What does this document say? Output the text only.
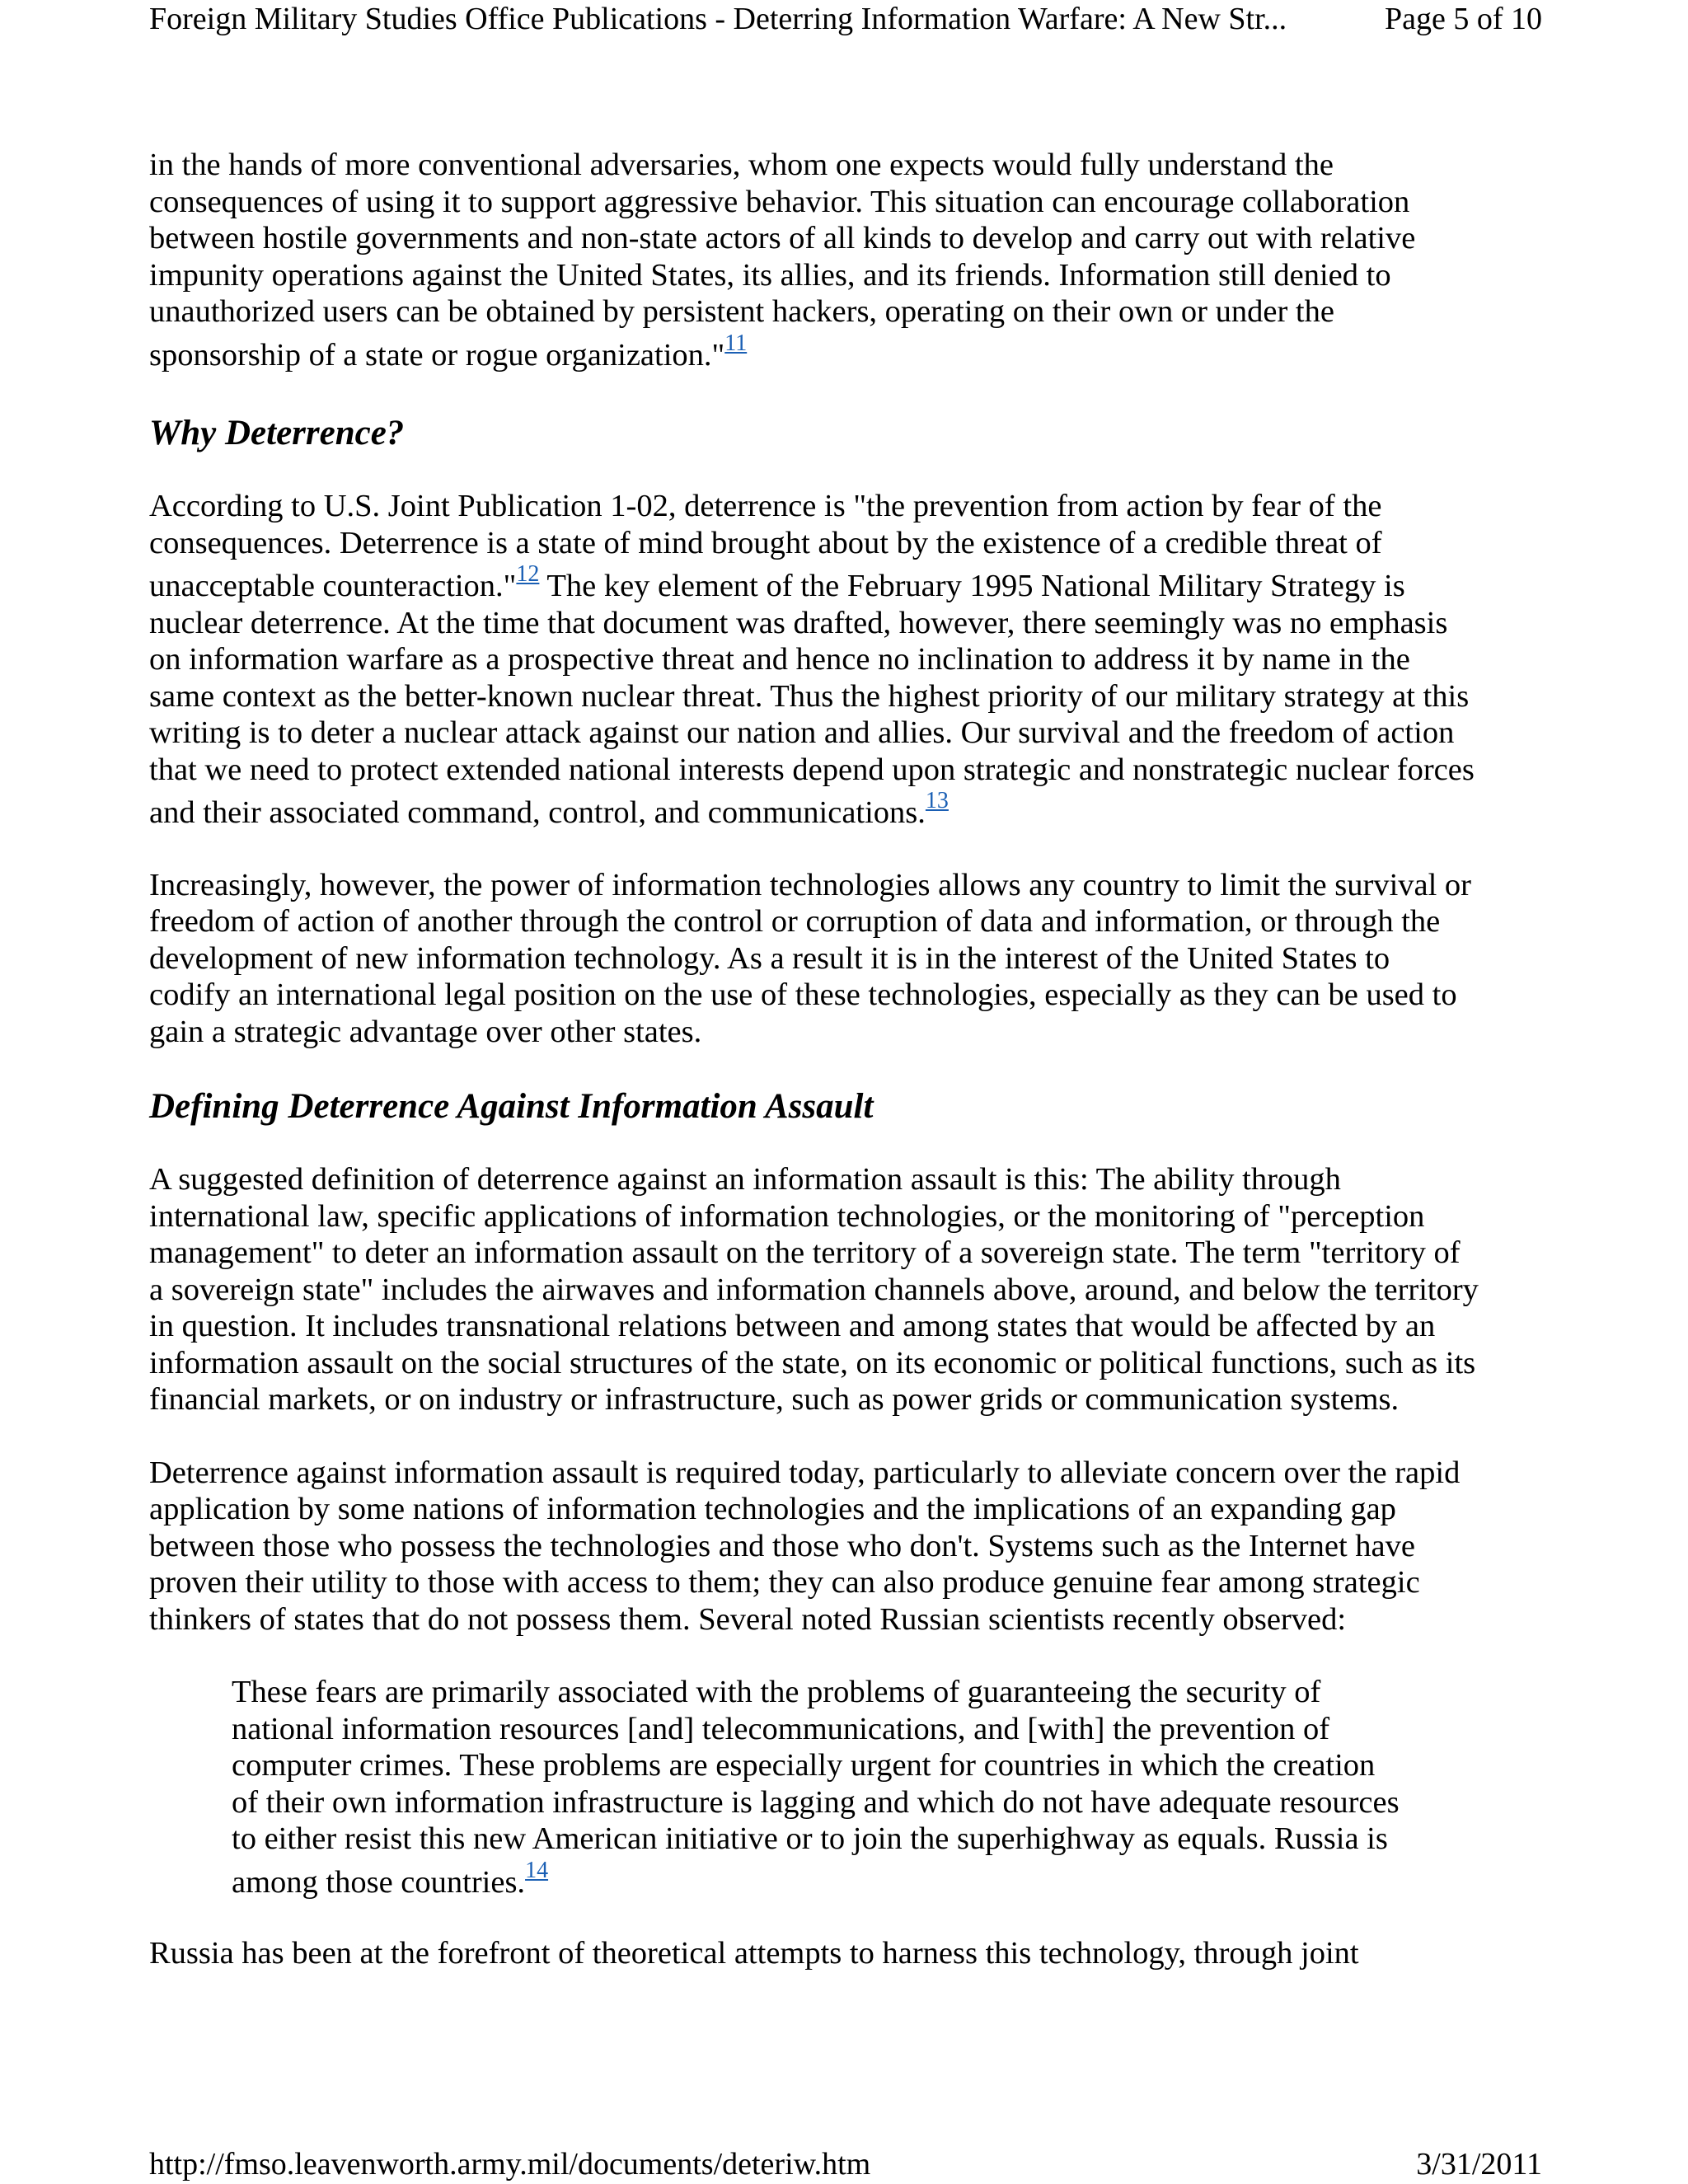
Foreign Military Studies Office Publications - Deterring Information Warfare: A New Str...	Page 5 of 10

in the hands of more conventional adversaries, whom one expects would fully understand the
consequences of using it to support aggressive behavior. This situation can encourage collaboration
between hostile governments and non-state actors of all kinds to develop and carry out with relative
impunity operations against the United States, its allies, and its friends. Information still denied to
unauthorized users can be obtained by persistent hackers, operating on their own or under the
sponsorship of a state or rogue organization."$^{11}$

Why Deterrence?

According to U.S. Joint Publication 1-02, deterrence is "the prevention from action by fear of the
consequences. Deterrence is a state of mind brought about by the existence of a credible threat of
unacceptable counteraction."$^{12}$ The key element of the February 1995 National Military Strategy is
nuclear deterrence. At the time that document was drafted, however, there seemingly was no emphasis
on information warfare as a prospective threat and hence no inclination to address it by name in the
same context as the better-known nuclear threat. Thus the highest priority of our military strategy at this
writing is to deter a nuclear attack against our nation and allies. Our survival and the freedom of action
that we need to protect extended national interests depend upon strategic and nonstrategic nuclear forces
and their associated command, control, and communications.$^{13}$

Increasingly, however, the power of information technologies allows any country to limit the survival or
freedom of action of another through the control or corruption of data and information, or through the
development of new information technology. As a result it is in the interest of the United States to
codify an international legal position on the use of these technologies, especially as they can be used to
gain a strategic advantage over other states.

Defining Deterrence Against Information Assault

A suggested definition of deterrence against an information assault is this: The ability through
international law, specific applications of information technologies, or the monitoring of "perception
management" to deter an information assault on the territory of a sovereign state. The term "territory of
a sovereign state" includes the airwaves and information channels above, around, and below the territory
in question. It includes transnational relations between and among states that would be affected by an
information assault on the social structures of the state, on its economic or political functions, such as its
financial markets, or on industry or infrastructure, such as power grids or communication systems.

Deterrence against information assault is required today, particularly to alleviate concern over the rapid
application by some nations of information technologies and the implications of an expanding gap
between those who possess the technologies and those who don't. Systems such as the Internet have
proven their utility to those with access to them; they can also produce genuine fear among strategic
thinkers of states that do not possess them. Several noted Russian scientists recently observed:

These fears are primarily associated with the problems of guaranteeing the security of
national information resources [and] telecommunications, and [with] the prevention of
computer crimes. These problems are especially urgent for countries in which the creation
of their own information infrastructure is lagging and which do not have adequate resources
to either resist this new American initiative or to join the superhighway as equals. Russia is
among those countries.$^{14}$

Russia has been at the forefront of theoretical attempts to harness this technology, through joint

http://fmso.leavenworth.army.mil/documents/deteriw.htm	3/31/2011
